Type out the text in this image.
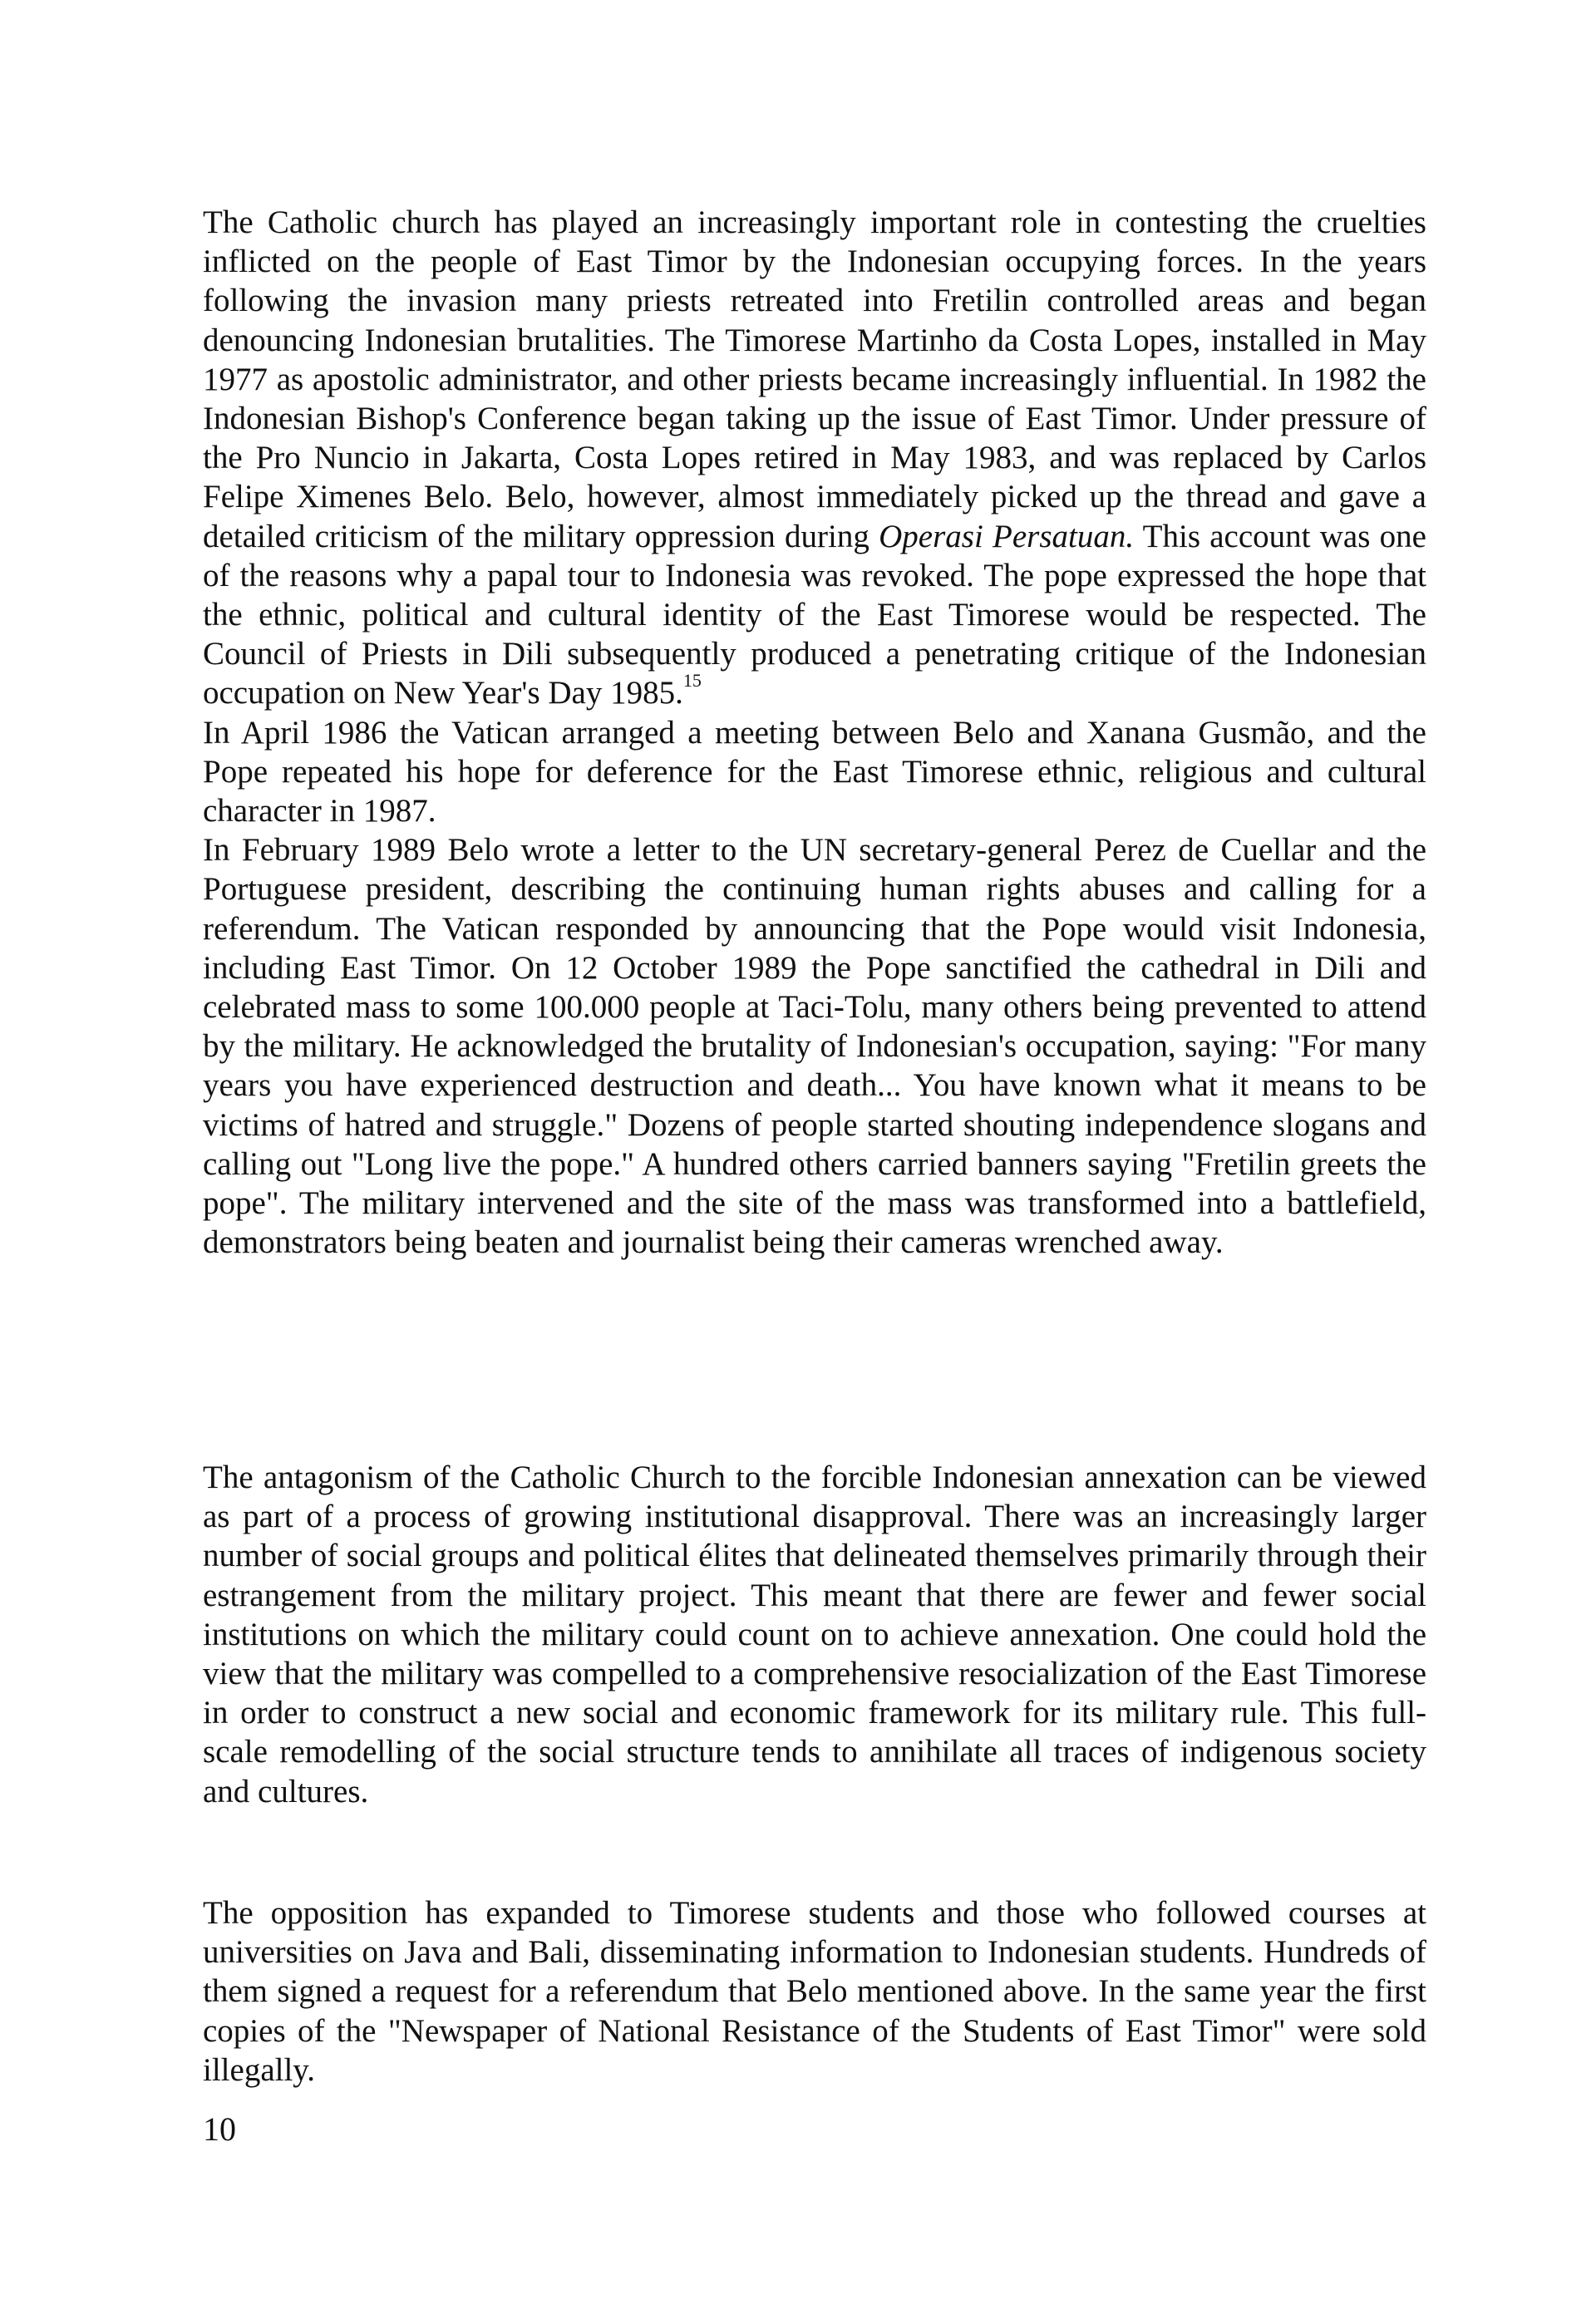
The Catholic church has played an increasingly important role in contesting the cruelties inflicted on the people of East Timor by the Indonesian occupying forces. In the years following the invasion many priests retreated into Fretilin controlled areas and began denouncing Indonesian brutalities. The Timorese Martinho da Costa Lopes, installed in May 1977 as apostolic administrator, and other priests became increasingly influential. In 1982 the Indonesian Bishop's Conference began taking up the issue of East Timor. Under pressure of the Pro Nuncio in Jakarta, Costa Lopes retired in May 1983, and was replaced by Carlos Felipe Ximenes Belo. Belo, however, almost immediately picked up the thread and gave a detailed criticism of the military oppression during Operasi Persatuan. This account was one of the reasons why a papal tour to Indonesia was revoked. The pope expressed the hope that the ethnic, political and cultural identity of the East Timorese would be respected. The Council of Priests in Dili subsequently produced a penetrating critique of the Indonesian occupation on New Year's Day 1985.15

In April 1986 the Vatican arranged a meeting between Belo and Xanana Gusmão, and the Pope repeated his hope for deference for the East Timorese ethnic, religious and cultural character in 1987.

In February 1989 Belo wrote a letter to the UN secretary-general Perez de Cuellar and the Portuguese president, describing the continuing human rights abuses and calling for a referendum. The Vatican responded by announcing that the Pope would visit Indonesia, including East Timor. On 12 October 1989 the Pope sanctified the cathedral in Dili and celebrated mass to some 100.000 people at Taci-Tolu, many others being prevented to attend by the military. He acknowledged the brutality of Indonesian's occupation, saying: "For many years you have experienced destruction and death... You have known what it means to be victims of hatred and struggle." Dozens of people started shouting independence slogans and calling out "Long live the pope." A hundred others carried banners saying "Fretilin greets the pope". The military intervened and the site of the mass was transformed into a battlefield, demonstrators being beaten and journalist being their cameras wrenched away.

The antagonism of the Catholic Church to the forcible Indonesian annexation can be viewed as part of a process of growing institutional disapproval. There was an increasingly larger number of social groups and political élites that delineated themselves primarily through their estrangement from the military project. This meant that there are fewer and fewer social institutions on which the military could count on to achieve annexation. One could hold the view that the military was compelled to a comprehensive resocialization of the East Timorese in order to construct a new social and economic framework for its military rule. This full-scale remodelling of the social structure tends to annihilate all traces of indigenous society and cultures.

The opposition has expanded to Timorese students and those who followed courses at universities on Java and Bali, disseminating information to Indonesian students. Hundreds of them signed a request for a referendum that Belo mentioned above. In the same year the first copies of the "Newspaper of National Resistance of the Students of East Timor" were sold illegally.

10
